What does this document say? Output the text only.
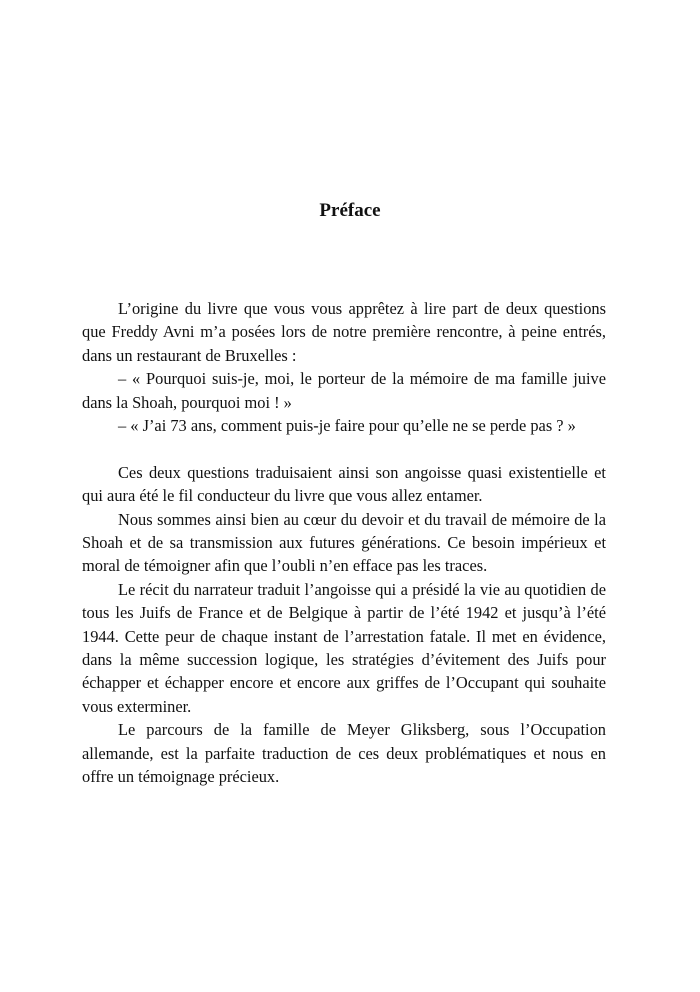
Préface

L’origine du livre que vous vous apprêtez à lire part de deux questions que Freddy Avni m’a posées lors de notre première rencontre, à peine entrés, dans un restaurant de Bruxelles :

– « Pourquoi suis-je, moi, le porteur de la mémoire de ma famille juive dans la Shoah, pourquoi moi ! »

– « J’ai 73 ans, comment puis-je faire pour qu’elle ne se perde pas ? »

Ces deux questions traduisaient ainsi son angoisse quasi existentielle et qui aura été le fil conducteur du livre que vous allez entamer.

Nous sommes ainsi bien au cœur du devoir et du travail de mémoire de la Shoah et de sa transmission aux futures générations. Ce besoin impérieux et moral de témoigner afin que l’oubli n’en efface pas les traces.

Le récit du narrateur traduit l’angoisse qui a présidé la vie au quotidien de tous les Juifs de France et de Belgique à partir de l’été 1942 et jusqu’à l’été 1944. Cette peur de chaque instant de l’arrestation fatale. Il met en évidence, dans la même succession logique, les stratégies d’évitement des Juifs pour échapper et échapper encore et encore aux griffes de l’Occupant qui souhaite vous exterminer.

Le parcours de la famille de Meyer Gliksberg, sous l’Occupation allemande, est la parfaite traduction de ces deux problématiques et nous en offre un témoignage précieux.
